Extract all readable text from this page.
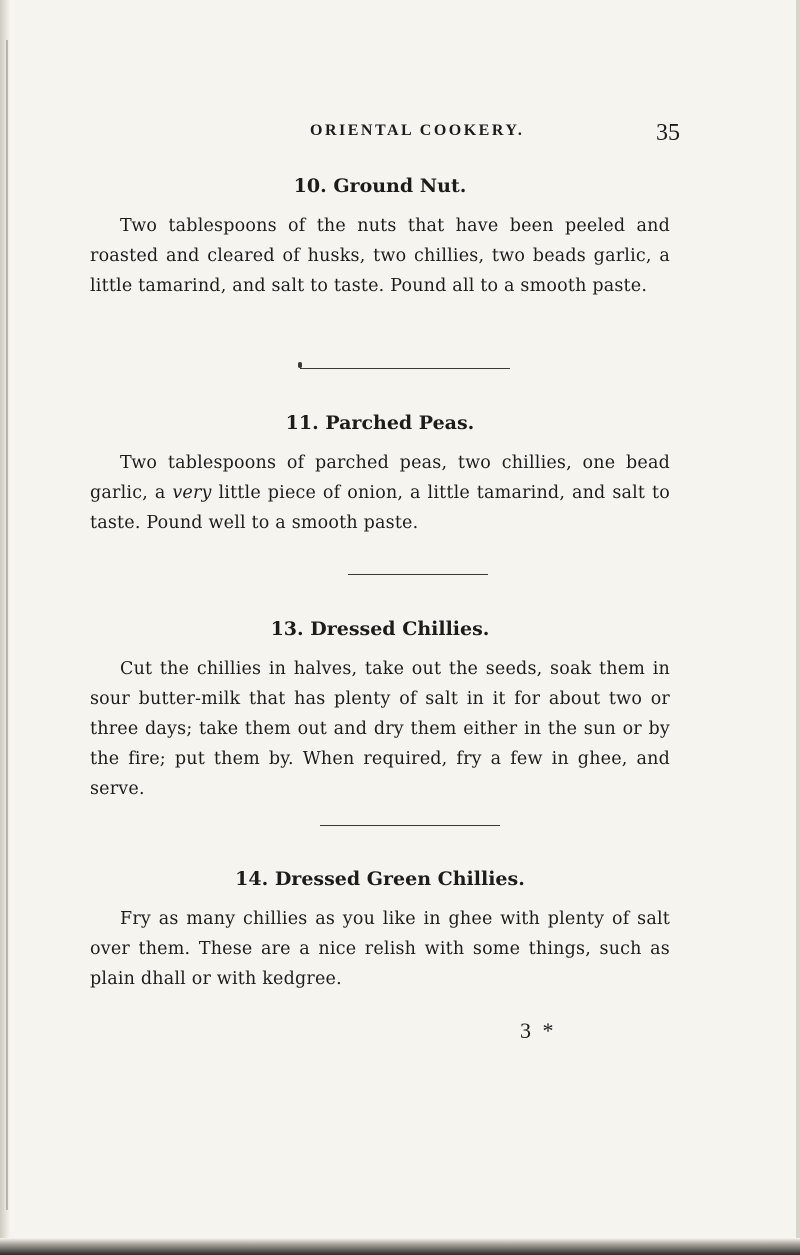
ORIENTAL COOKERY.	35
10. Ground Nut.

Two tablespoons of the nuts that have been peeled and roasted and cleared of husks, two chillies, two beads garlic, a little tamarind, and salt to taste. Pound all to a smooth paste.

11. Parched Peas.

Two tablespoons of parched peas, two chillies, one bead garlic, a very little piece of onion, a little tamarind, and salt to taste. Pound well to a smooth paste.

13. Dressed Chillies.

Cut the chillies in halves, take out the seeds, soak them in sour butter-milk that has plenty of salt in it for about two or three days; take them out and dry them either in the sun or by the fire; put them by. When required, fry a few in ghee, and serve.

14. Dressed Green Chillies.

Fry as many chillies as you like in ghee with plenty of salt over them. These are a nice relish with some things, such as plain dhall or with kedgree.

3 *
